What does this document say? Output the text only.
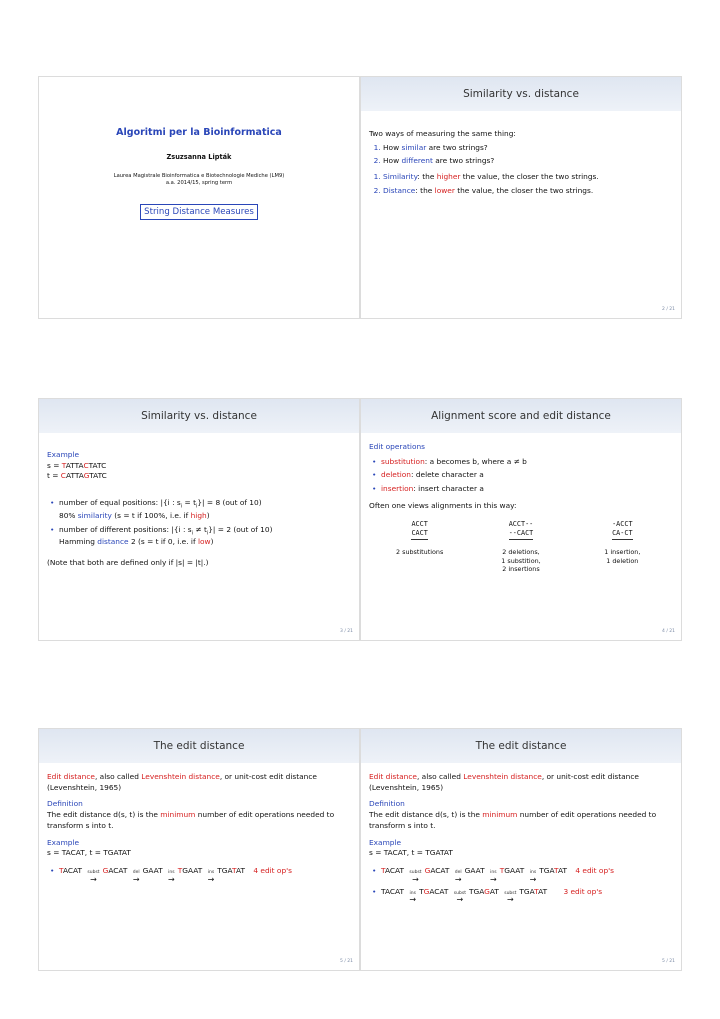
Algoritmi per la Bioinformatica
Zsuzsanna Lipták
Laurea Magistrale Bioinformatica e Biotechnologie Mediche (LM9)
a.a. 2014/15, spring term
String Distance Measures
Similarity vs. distance
Two ways of measuring the same thing:
1. How similar are two strings?
2. How different are two strings?
1. Similarity: the higher the value, the closer the two strings.
2. Distance: the lower the value, the closer the two strings.
2 / 21
Similarity vs. distance
Example
s = TATTACTATC
t = CATTAGTATC
• number of equal positions: |{i : $s_i = t_i\}| = 8$ (out of 10)
80% similarity (s = t if 100%, i.e. if high)
• number of different positions: |{i : $s_i \ne t_i\}| = 2$ (out of 10)
Hamming distance 2 (s = t if 0, i.e. if low)
(Note that both are defined only if |s| = |t|.)
3 / 21
Alignment score and edit distance
Edit operations
• substitution: a becomes b, where a ≠ b
• deletion: delete character a
• insertion: insert character a
Often one views alignments in this way:
ACCT
CACT
2 substitutions
ACCT--
--CACT
2 deletions,
1 substition,
2 insertions
-ACCT
CA-CT
1 insertion,
1 deletion
4 / 21
The edit distance
Edit distance, also called Levenshtein distance, or unit-cost edit distance (Levenshtein, 1965)
Definition
The edit distance d(s, t) is the minimum number of edit operations needed to transform s into t.
Example
s = TACAT, t = TGATAT
• TACAT subst
→
GACAT del
→
GAAT ins
→
TGAAT ins
→
TGATAT 4 edit op's
5 / 21
The edit distance
Edit distance, also called Levenshtein distance, or unit-cost edit distance (Levenshtein, 1965)
Definition
The edit distance d(s, t) is the minimum number of edit operations needed to transform s into t.
Example
s = TACAT, t = TGATAT
• TACAT subst
→
GACAT del
→
GAAT ins
→
TGAAT ins
→
TGATAT 4 edit op's
• TACAT ins
→
TGACAT subst
→
TGAGAT subst
→
TGATAT 3 edit op's
5 / 21
